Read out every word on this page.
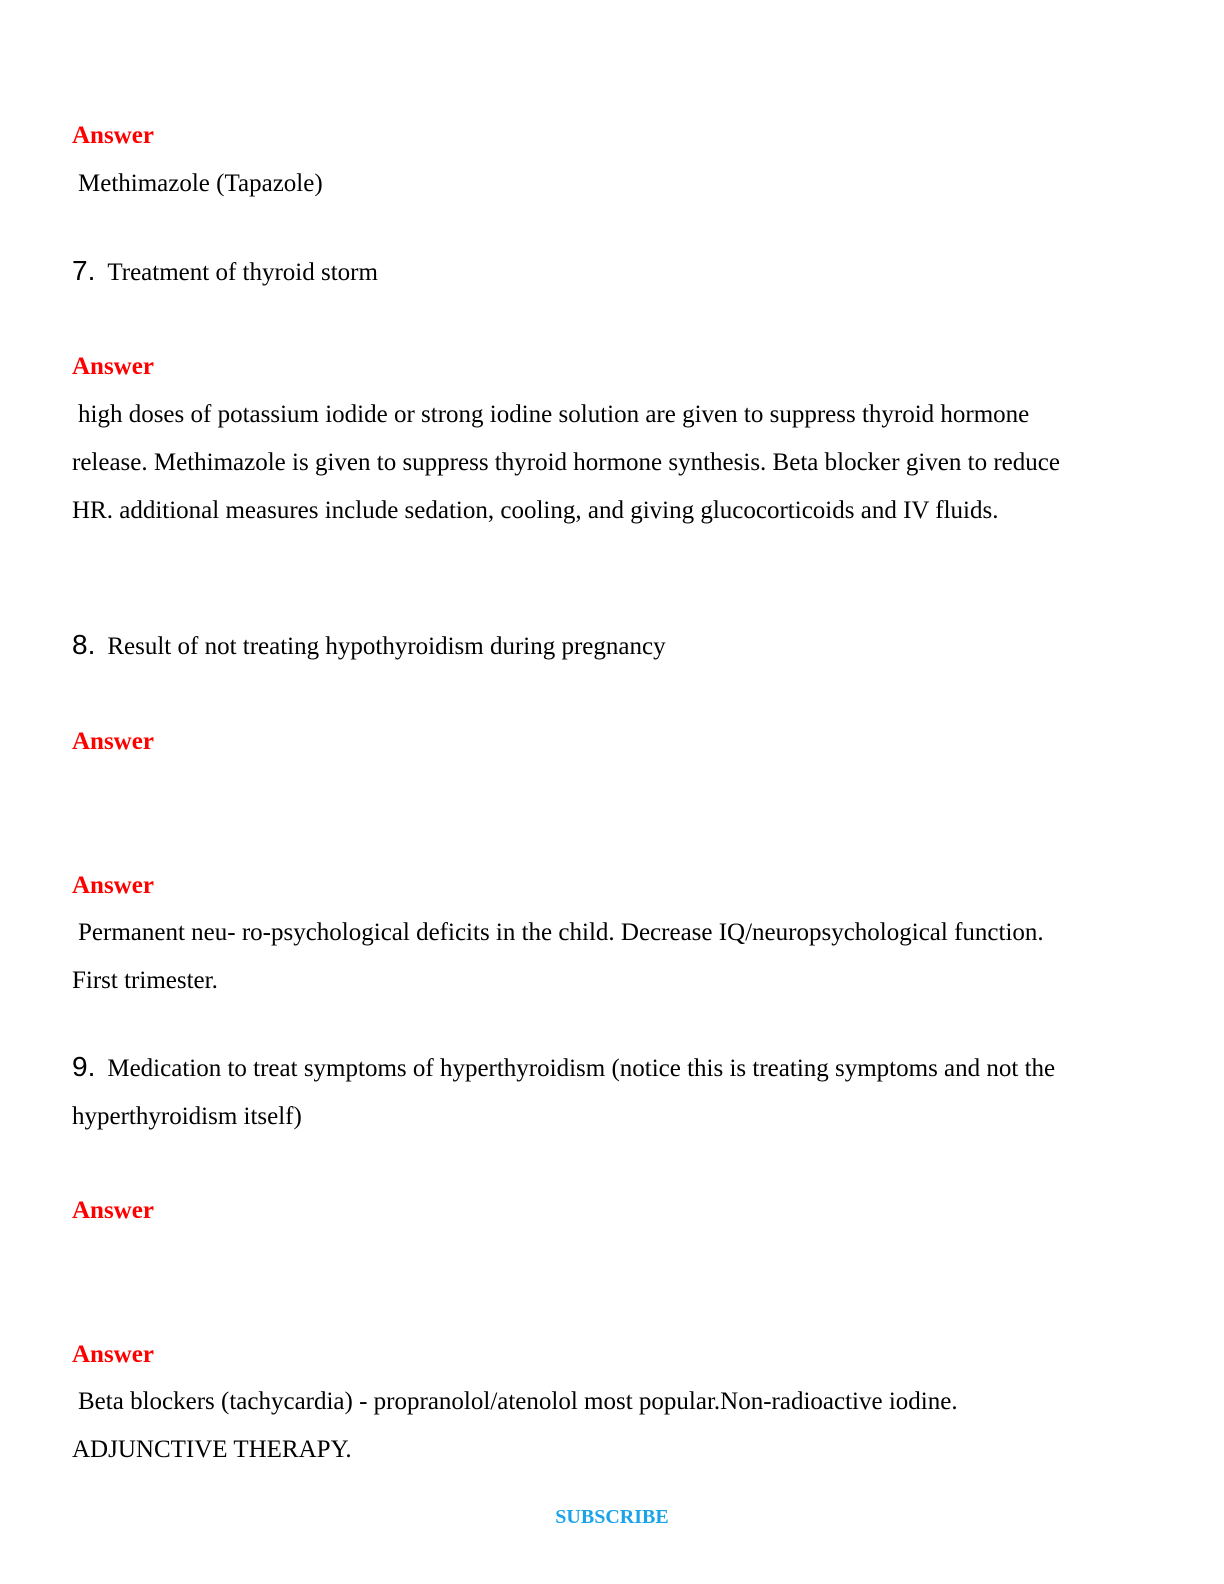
Answer
Methimazole (Tapazole)
7. Treatment of thyroid storm
Answer
high doses of potassium iodide or strong iodine solution are given to suppress thyroid hormone release. Methimazole is given to suppress thyroid hormone synthesis. Beta blocker given to reduce HR. additional measures include sedation, cooling, and giving glucocorticoids and IV fluids.
8. Result of not treating hypothyroidism during pregnancy
Answer
Answer
Permanent neu- ro-psychological deficits in the child. Decrease IQ/neuropsychological function. First trimester.
9. Medication to treat symptoms of hyperthyroidism (notice this is treating symptoms and not the hyperthyroidism itself)
Answer
Answer
Beta blockers (tachycardia) - propranolol/atenolol most popular.Non-radioactive iodine. ADJUNCTIVE THERAPY.
SUBSCRIBE
